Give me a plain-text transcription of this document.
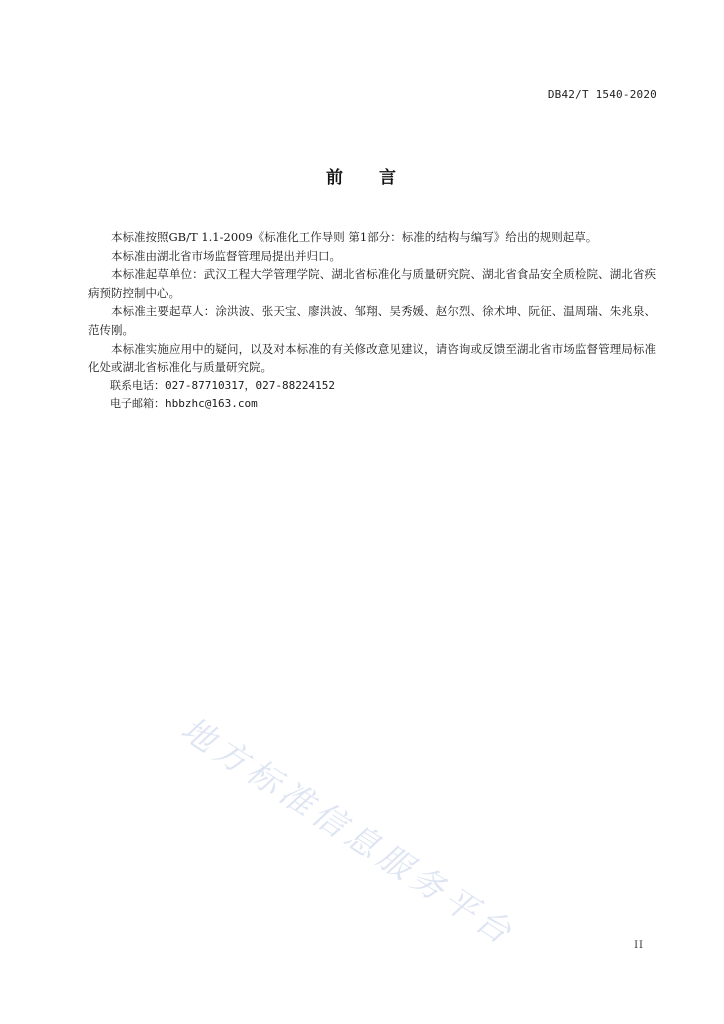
DB42/T 1540-2020
前 言

本标准按照GB/T 1.1-2009《标准化工作导则 第1部分：标准的结构与编写》给出的规则起草。

本标准由湖北省市场监督管理局提出并归口。

本标准起草单位：武汉工程大学管理学院、湖北省标准化与质量研究院、湖北省食品安全质检院、湖北省疾病预防控制中心。

本标准主要起草人：涂洪波、张天宝、廖洪波、邹翔、吴秀媛、赵尔烈、徐术坤、阮征、温周瑞、朱兆泉、范传刚。

本标准实施应用中的疑问，以及对本标准的有关修改意见建议，请咨询或反馈至湖北省市场监督管理局标准化处或湖北省标准化与质量研究院。

联系电话：027-87710317，027-88224152

电子邮箱：hbbzhc@163.com

地方标准信息服务平台	II
